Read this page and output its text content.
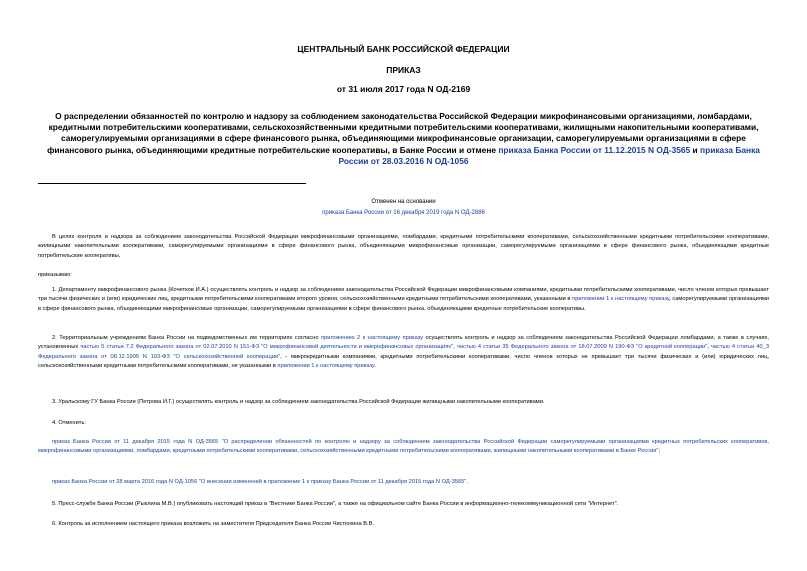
ЦЕНТРАЛЬНЫЙ БАНК РОССИЙСКОЙ ФЕДЕРАЦИИ
ПРИКАЗ
от 31 июля 2017 года N ОД-2169
О распределении обязанностей по контролю и надзору за соблюдением законодательства Российской Федерации микрофинансовыми организациями, ломбардами, кредитными потребительскими кооперативами, сельскохозяйственными кредитными потребительскими кооперативами, жилищными накопительными кооперативами, саморегулируемыми организациями в сфере финансового рынка, объединяющими микрофинансовые организации, саморегулируемыми организациями в сфере финансового рынка, объединяющими кредитные потребительские кооперативы, в Банке России и отмене приказа Банка России от 11.12.2015 N ОД-3565 и приказа Банка России от 28.03.2016 N ОД-1056
Отменен на основании
приказа Банка России от 16 декабря 2019 года N ОД-2886
В целях контроля и надзора за соблюдением законодательства Российской Федерации микрофинансовыми организациями, ломбардами, кредитными потребительскими кооперативами, сельскохозяйственными кредитными потребительскими кооперативами, жилищными накопительными кооперативами, саморегулируемыми организациями в сфере финансового рынка, объединяющими микрофинансовые организации, саморегулируемыми организациями в сфере финансового рынка, объединяющими кредитные потребительские кооперативы,
приказываю:
1. Департаменту микрофинансового рынка (Кочетков И.А.) осуществлять контроль и надзор за соблюдением законодательства Российской Федерации микрофинансовыми компаниями, кредитными потребительскими кооперативами, число членов которых превышает три тысячи физических и (или) юридических лиц, кредитными потребительскими кооперативами второго уровня, сельскохозяйственными кредитными потребительскими кооперативами, указанными в приложении 1 к настоящему приказу, саморегулируемыми организациями в сфере финансового рынка, объединяющими микрофинансовые организации, саморегулируемыми организациями в сфере финансового рынка, объединяющими кредитные потребительские кооперативы.
2. Территориальным учреждениям Банка России на подведомственных им территориях согласно приложению 2 к настоящему приказу осуществлять контроль и надзор за соблюдением законодательства Российской Федерации ломбардами, а также в случаях, установленных частью 5 статьи 7.2 Федерального закона от 02.07.2010 N 151-ФЗ "О микрофинансовой деятельности и микрофинансовых организациях", частью 4 статьи 35 Федерального закона от 18.07.2009 N 190-ФЗ "О кредитной кооперации", частью 4 статьи 40_3 Федерального закона от 08.12.1995 N 193-ФЗ "О сельскохозяйственной кооперации", - микрокредитными компаниями, кредитными потребительскими кооперативами, число членов которых не превышает три тысячи физических и (или) юридических лиц, сельскохозяйственными кредитными потребительскими кооперативами, не указанными в приложении 1 к настоящему приказу.
3. Уральскому ГУ Банка России (Петрова И.Г.) осуществлять контроль и надзор за соблюдением законодательства Российской Федерации жилищными накопительными кооперативами.
4. Отменить:
приказ Банка России от 11 декабря 2015 года N ОД-3565 "О распределении обязанностей по контролю и надзору за соблюдением законодательства Российской Федерации саморегулируемыми организациями кредитных потребительских кооперативов, микрофинансовыми организациями, ломбардами, кредитными потребительскими кооперативами, сельскохозяйственными кредитными потребительскими кооперативами, жилищными накопительными кооперативами в Банке России";
приказ Банка России от 28 марта 2016 года N ОД-1056 "О внесении изменений в приложение 1 к приказу Банка России от 11 декабря 2015 года N ОД-3565".
5. Пресс-службе Банка России (Рыклина М.В.) опубликовать настоящий приказ в "Вестнике Банка России", а также на официальном сайте Банка России в информационно-телекоммуникационной сети "Интернет".
6. Контроль за исполнением настоящего приказа возложить на заместителя Председателя Банка России Чистюхина В.В.
